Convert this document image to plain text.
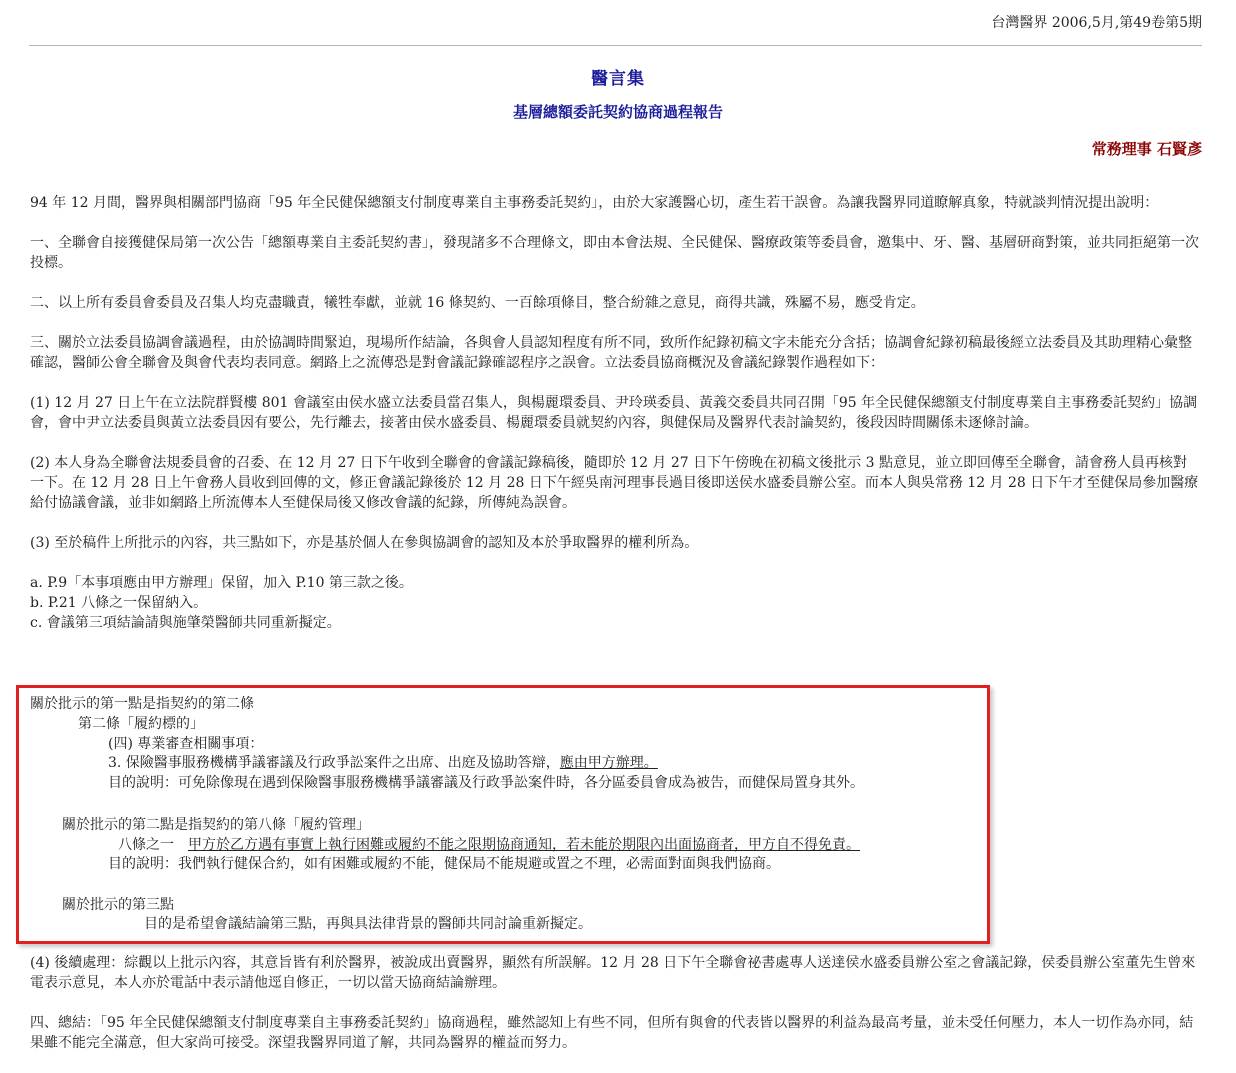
台灣醫界 2006,5月,第49卷第5期
醫言集
基層總額委託契約協商過程報告
常務理事 石賢彥

94 年 12 月間，醫界與相關部門協商「95 年全民健保總額支付制度專業自主事務委託契約」，由於大家護醫心切，產生若干誤會。為讓我醫界同道瞭解真象，特就談判情況提出說明：

一、全聯會自接獲健保局第一次公告「總額專業自主委託契約書」，發現諸多不合理條文，即由本會法規、全民健保、醫療政策等委員會，邀集中、牙、醫、基層研商對策，並共同拒絕第一次投標。

二、以上所有委員會委員及召集人均克盡職責，犧牲奉獻，並就 16 條契約、一百餘項條目，整合紛雜之意見，商得共識，殊屬不易，應受肯定。

三、關於立法委員協調會議過程，由於協調時間緊迫，現場所作結論，各與會人員認知程度有所不同，致所作紀錄初稿文字未能充分含括；協調會紀錄初稿最後經立法委員及其助理精心彙整確認，醫師公會全聯會及與會代表均表同意。網路上之流傳恐是對會議記錄確認程序之誤會。立法委員協商概況及會議紀錄製作過程如下：

(1) 12 月 27 日上午在立法院群賢樓 801 會議室由侯水盛立法委員當召集人，與楊麗環委員、尹玲瑛委員、黃義交委員共同召開「95 年全民健保總額支付制度專業自主事務委託契約」協調會，會中尹立法委員與黃立法委員因有要公，先行離去，接著由侯水盛委員、楊麗環委員就契約內容，與健保局及醫界代表討論契約，後段因時間關係未逐條討論。

(2) 本人身為全聯會法規委員會的召委、在 12 月 27 日下午收到全聯會的會議記錄稿後，隨即於 12 月 27 日下午傍晚在初稿文後批示 3 點意見，並立即回傳至全聯會，請會務人員再核對一下。在 12 月 28 日上午會務人員收到回傳的文，修正會議記錄後於 12 月 28 日下午經吳南河理事長過目後即送侯水盛委員辦公室。而本人與吳常務 12 月 28 日下午才至健保局參加醫療給付協議會議，並非如網路上所流傳本人至健保局後又修改會議的紀錄，所傳純為誤會。

(3) 至於稿件上所批示的內容，共三點如下，亦是基於個人在參與協調會的認知及本於爭取醫界的權利所為。

a. P.9「本事項應由甲方辦理」保留，加入 P.10 第三款之後。
b. P.21 八條之一保留納入。
c. 會議第三項結論請與施肇榮醫師共同重新擬定。
關於批示的第一點是指契約的第二條
第二條「履約標的」
(四) 專業審查相關事項：
3. 保險醫事服務機構爭議審議及行政爭訟案件之出席、出庭及協助答辯，應由甲方辦理。
目的說明：可免除像現在遇到保險醫事服務機構爭議審議及行政爭訟案件時，各分區委員會成為被告，而健保局置身其外。
關於批示的第二點是指契約的第八條「履約管理」
八條之一 甲方於乙方遇有事實上執行困難或履約不能之限期協商通知，若未能於期限內出面協商者，甲方自不得免責。
目的說明：我們執行健保合約，如有困難或履約不能，健保局不能規避或置之不理，必需面對面與我們協商。
關於批示的第三點
目的是希望會議結論第三點，再與具法律背景的醫師共同討論重新擬定。

(4) 後續處理：綜觀以上批示內容，其意旨皆有利於醫界，被說成出賣醫界，顯然有所誤解。12 月 28 日下午全聯會祕書處專人送達侯水盛委員辦公室之會議記錄，侯委員辦公室董先生曾來電表示意見，本人亦於電話中表示請他逕自修正，一切以當天協商結論辦理。

四、總結：「95 年全民健保總額支付制度專業自主事務委託契約」協商過程，雖然認知上有些不同，但所有與會的代表皆以醫界的利益為最高考量，並未受任何壓力，本人一切作為亦同，結果雖不能完全滿意，但大家尚可接受。深望我醫界同道了解，共同為醫界的權益而努力。
